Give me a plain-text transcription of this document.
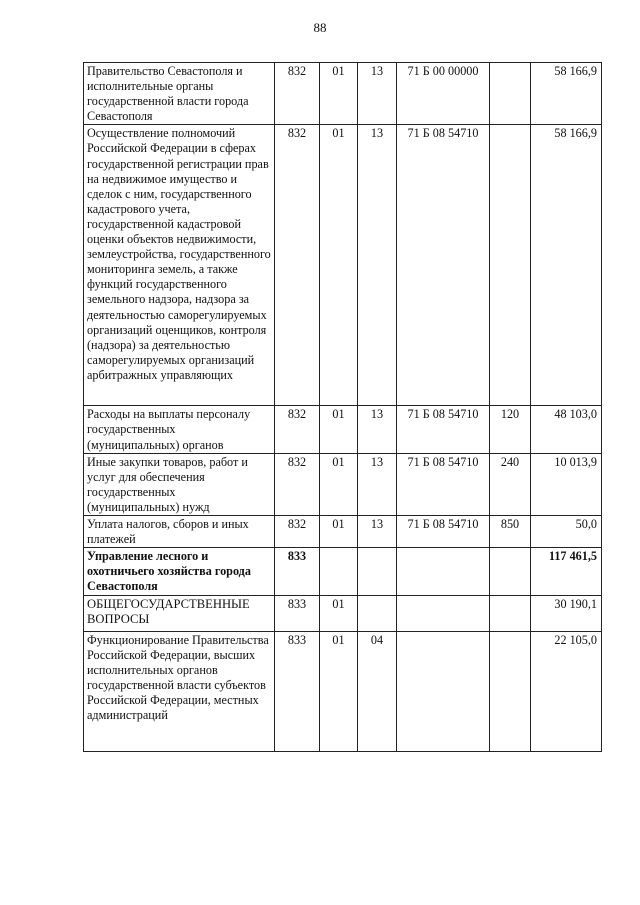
88
Правительство Севастополя и исполнительные органы государственной власти города Севастополя	832	01	13	71 Б 00 00000		58 166,9
Осуществление полномочий Российской Федерации в сферах государственной регистрации прав на недвижимое имущество и сделок с ним, государственного кадастрового учета, государственной кадастровой оценки объектов недвижимости, землеустройства, государственного мониторинга земель, а также функций государственного земельного надзора, надзора за деятельностью саморегулируемых организаций оценщиков, контроля (надзора) за деятельностью саморегулируемых организаций арбитражных управляющих	832	01	13	71 Б 08 54710		58 166,9
Расходы на выплаты персоналу государственных (муниципальных) органов	832	01	13	71 Б 08 54710	120	48 103,0
Иные закупки товаров, работ и услуг для обеспечения государственных (муниципальных) нужд	832	01	13	71 Б 08 54710	240	10 013,9
Уплата налогов, сборов и иных платежей	832	01	13	71 Б 08 54710	850	50,0
Управление лесного и охотничьего хозяйства города Севастополя	833					117 461,5
ОБЩЕГОСУДАРСТВЕННЫЕ ВОПРОСЫ	833	01				30 190,1
Функционирование Правительства Российской Федерации, высших исполнительных органов государственной власти субъектов Российской Федерации, местных администраций	833	01	04			22 105,0
